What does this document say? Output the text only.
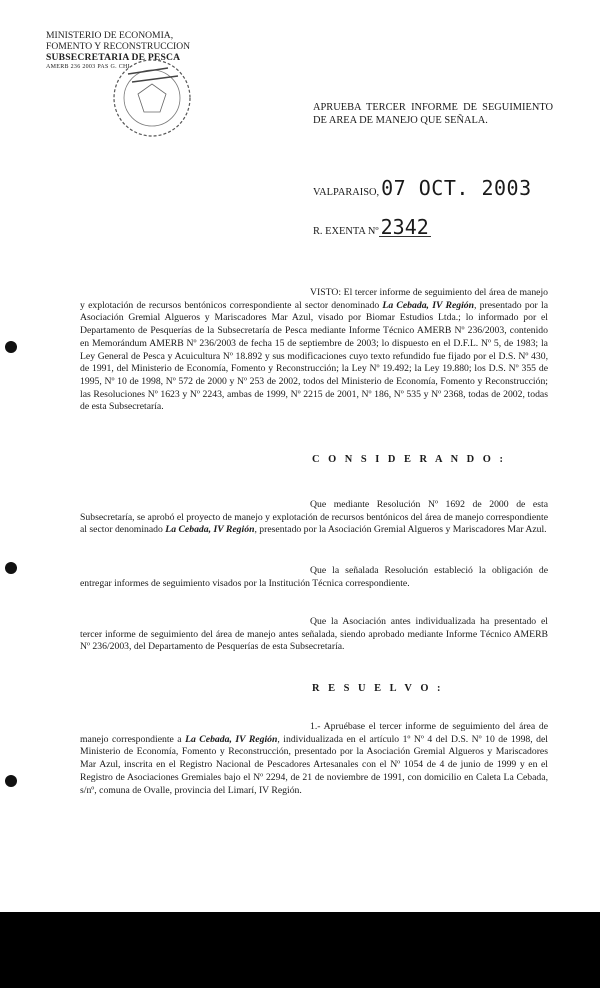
MINISTERIO DE ECONOMIA,
FOMENTO Y RECONSTRUCCION
SUBSECRETARIA DE PESCA
AMERB 236 2003 PAS G. CHI
APRUEBA TERCER INFORME DE SEGUIMIENTO DE AREA DE MANEJO QUE SEÑALA.
VALPARAISO, 07 OCT. 2003
R. EXENTA Nº 2342
VISTO: El tercer informe de seguimiento del área de manejo y explotación de recursos bentónicos correspondiente al sector denominado La Cebada, IV Región, presentado por la Asociación Gremial Algueros y Mariscadores Mar Azul, visado por Biomar Estudios Ltda.; lo informado por el Departamento de Pesquerías de la Subsecretaría de Pesca mediante Informe Técnico AMERB Nº 236/2003, contenido en Memorándum AMERB Nº 236/2003 de fecha 15 de septiembre de 2003; lo dispuesto en el D.F.L. Nº 5, de 1983; la Ley General de Pesca y Acuicultura Nº 18.892 y sus modificaciones cuyo texto refundido fue fijado por el D.S. Nº 430, de 1991, del Ministerio de Economía, Fomento y Reconstrucción; la Ley Nº 19.492; la Ley 19.880; los D.S. Nº 355 de 1995, Nº 10 de 1998, Nº 572 de 2000 y Nº 253 de 2002, todos del Ministerio de Economía, Fomento y Reconstrucción; las Resoluciones Nº 1623 y Nº 2243, ambas de 1999, Nº 2215 de 2001, Nº 186, Nº 535 y Nº 2368, todas de 2002, todas de esta Subsecretaría.
C O N S I D E R A N D O :
Que mediante Resolución Nº 1692 de 2000 de esta Subsecretaría, se aprobó el proyecto de manejo y explotación de recursos bentónicos del área de manejo correspondiente al sector denominado La Cebada, IV Región, presentado por la Asociación Gremial Algueros y Mariscadores Mar Azul.
Que la señalada Resolución estableció la obligación de entregar informes de seguimiento visados por la Institución Técnica correspondiente.
Que la Asociación antes individualizada ha presentado el tercer informe de seguimiento del área de manejo antes señalada, siendo aprobado mediante Informe Técnico AMERB Nº 236/2003, del Departamento de Pesquerías de esta Subsecretaría.
R E S U E L V O :
1.- Apruébase el tercer informe de seguimiento del área de manejo correspondiente a La Cebada, IV Región, individualizada en el artículo 1º Nº 4 del D.S. Nº 10 de 1998, del Ministerio de Economía, Fomento y Reconstrucción, presentado por la Asociación Gremial Algueros y Mariscadores Mar Azul, inscrita en el Registro Nacional de Pescadores Artesanales con el Nº 1054 de 4 de junio de 1999 y en el Registro de Asociaciones Gremiales bajo el Nº 2294, de 21 de noviembre de 1991, con domicilio en Caleta La Cebada, s/nº, comuna de Ovalle, provincia del Limarí, IV Región.
